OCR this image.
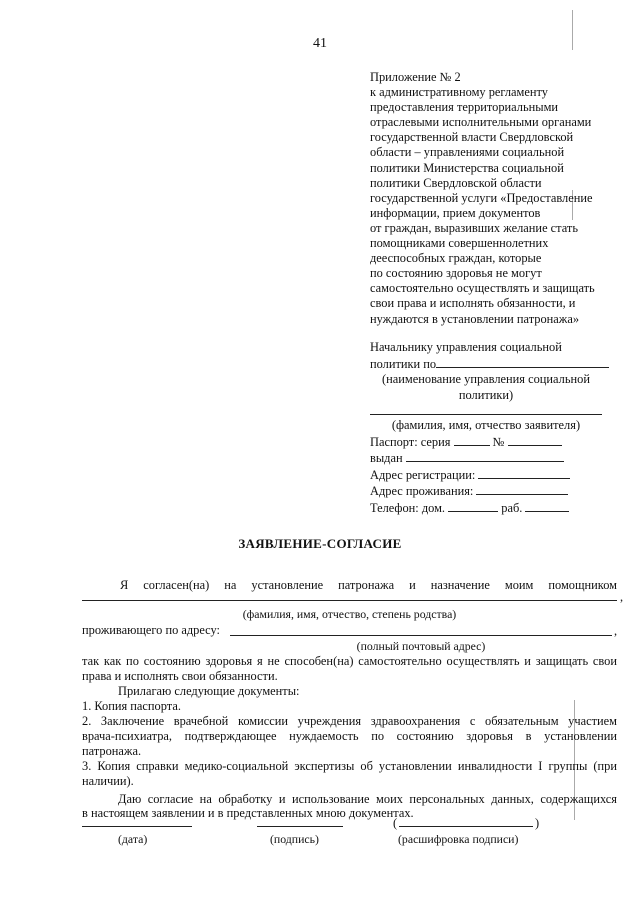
41
Приложение № 2
к административному регламенту
предоставления территориальными
отраслевыми исполнительными органами
государственной власти Свердловской
области – управлениями социальной
политики Министерства социальной
политики Свердловской области
государственной услуги «Предоставление
информации, прием документов
от граждан, выразивших желание стать
помощниками совершеннолетних
дееспособных граждан, которые
по состоянию здоровья не могут
самостоятельно осуществлять и защищать
свои права и исполнять обязанности, и
нуждаются в установлении патронажа»
Начальнику управления социальной
политики по
(наименование управления социальной
политики)
(фамилия, имя, отчество заявителя)
Паспорт: серия	№
выдан
Адрес регистрации:
Адрес проживания:
Телефон: дом.	раб.
ЗАЯВЛЕНИЕ-СОГЛАСИЕ
Я согласен(на) на установление патронажа и назначение моим помощником
,
(фамилия, имя, отчество, степень родства)
проживающего по адресу:	,
(полный почтовый адрес)
так как по состоянию здоровья я не способен(на) самостоятельно осуществлять и защищать свои
права и исполнять свои обязанности.
Прилагаю следующие документы:
1. Копия паспорта.
2. Заключение врачебной комиссии учреждения здравоохранения с обязательным участием
врача-психиатра, подтверждающее нуждаемость по состоянию здоровья в установлении
патронажа.
3. Копия справки медико-социальной экспертизы об установлении инвалидности I группы (при
наличии).
Даю согласие на обработку и использование моих персональных данных, содержащихся
в настоящем заявлении и в представленных мною документах.
(	)
(дата)	(подпись)	(расшифровка подписи)
